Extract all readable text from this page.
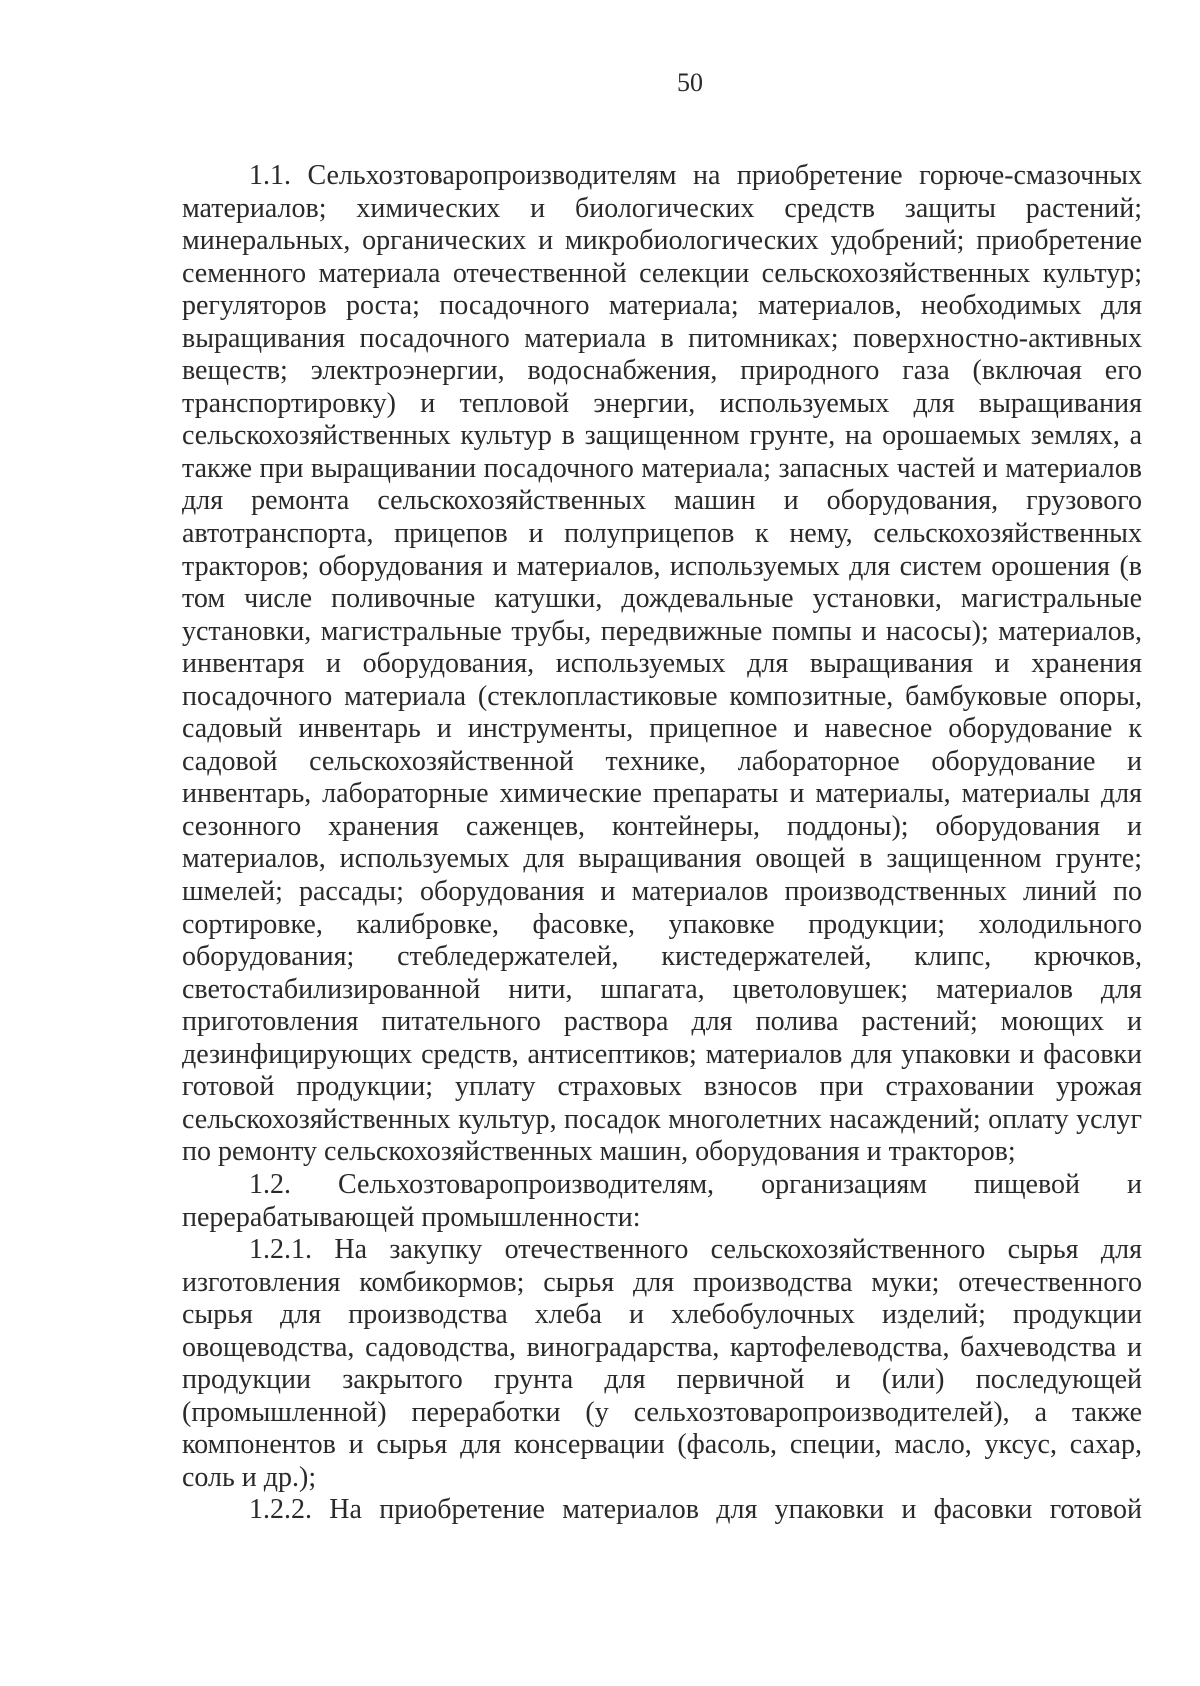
50

1.1. Сельхозтоваропроизводителям на приобретение горюче-смазочных материалов; химических и биологических средств защиты растений; минеральных, органических и микробиологических удобрений; приобретение семенного материала отечественной селекции сельскохозяйственных культур; регуляторов роста; посадочного материала; материалов, необходимых для выращивания посадочного материала в питомниках; поверхностно-активных веществ; электроэнергии, водоснабжения, природного газа (включая его транспортировку) и тепловой энергии, используемых для выращивания сельскохозяйственных культур в защищенном грунте, на орошаемых землях, а также при выращивании посадочного материала; запасных частей и материалов для ремонта сельскохозяйственных машин и оборудования, грузового автотранспорта, прицепов и полуприцепов к нему, сельскохозяйственных тракторов; оборудования и материалов, используемых для систем орошения (в том числе поливочные катушки, дождевальные установки, магистральные установки, магистральные трубы, передвижные помпы и насосы); материалов, инвентаря и оборудования, используемых для выращивания и хранения посадочного материала (стеклопластиковые композитные, бамбуковые опоры, садовый инвентарь и инструменты, прицепное и навесное оборудование к садовой сельскохозяйственной технике, лабораторное оборудование и инвентарь, лабораторные химические препараты и материалы, материалы для сезонного хранения саженцев, контейнеры, поддоны); оборудования и материалов, используемых для выращивания овощей в защищенном грунте; шмелей; рассады; оборудования и материалов производственных линий по сортировке, калибровке, фасовке, упаковке продукции; холодильного оборудования; стебледержателей, кистедержателей, клипс, крючков, светостабилизированной нити, шпагата, цветоловушек; материалов для приготовления питательного раствора для полива растений; моющих и дезинфицирующих средств, антисептиков; материалов для упаковки и фасовки готовой продукции; уплату страховых взносов при страховании урожая сельскохозяйственных культур, посадок многолетних насаждений; оплату услуг по ремонту сельскохозяйственных машин, оборудования и тракторов;

1.2. Сельхозтоваропроизводителям, организациям пищевой и перерабатывающей промышленности:

1.2.1. На закупку отечественного сельскохозяйственного сырья для изготовления комбикормов; сырья для производства муки; отечественного сырья для производства хлеба и хлебобулочных изделий; продукции овощеводства, садоводства, виноградарства, картофелеводства, бахчеводства и продукции закрытого грунта для первичной и (или) последующей (промышленной) переработки (у сельхозтоваропроизводителей), а также компонентов и сырья для консервации (фасоль, специи, масло, уксус, сахар, соль и др.);

1.2.2. На приобретение материалов для упаковки и фасовки готовой
